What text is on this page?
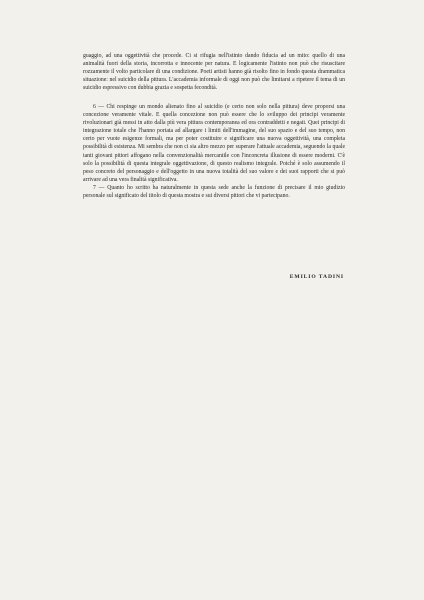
guaggio, ad una oggettività che procede. Ci si rifugia nell'istinto dando fiducia ad un mito: quello di una animalità fuori della storia, incorrotta e innocente per natura. E logicamente l'istinto non può che risuscitare rozzamente il volto particolare di una condizione. Poeti artisti hanno già risolto fino in fondo questa drammatica situazione: nel suicidio della pittura. L'accademia informale di oggi non può che limitarsi a ripetere il tema di un suicidio espressivo con dubbia grazia e sospetta fecondità.

6 — Chi respinge un mondo alienato fino al suicidio (e certo non solo nella pittura) deve proporsi una concezione veramente vitale. E quella concezione non può essere che lo sviluppo dei principi veramente rivoluzionari già messi in atto dalla più vera pittura contemporanea ed ora contraddetti e negati. Quei principi di integrazione totale che l'hanno portata ad allargare i limiti dell'immagine, del suo spazio e del suo tempo, non certo per vuote esigenze formali, ma per poter costituire e significare una nuova oggettività, una completa possibilità di esistenza. Mi sembra che non ci sia altro mezzo per superare l'attuale accademia, seguendo la quale tanti giovani pittori affogano nella convenzionalità mercantile con l'inconcreta illusione di essere moderni. C'è solo la possibilità di questa integrale oggettivazione, di questo realismo integrale. Poiché è solo assumendo il peso concreto del personaggio e dell'oggetto in una nuova totalità del suo valore e dei suoi rapporti che si può arrivare ad una vera finalità significativa.

7 — Quanto ho scritto ha naturalmente in questa sede anche la funzione di precisare il mio giudizio personale sul significato del titolo di questa mostra e sui diversi pittori che vi partecipano.

EMILIO TADINI
